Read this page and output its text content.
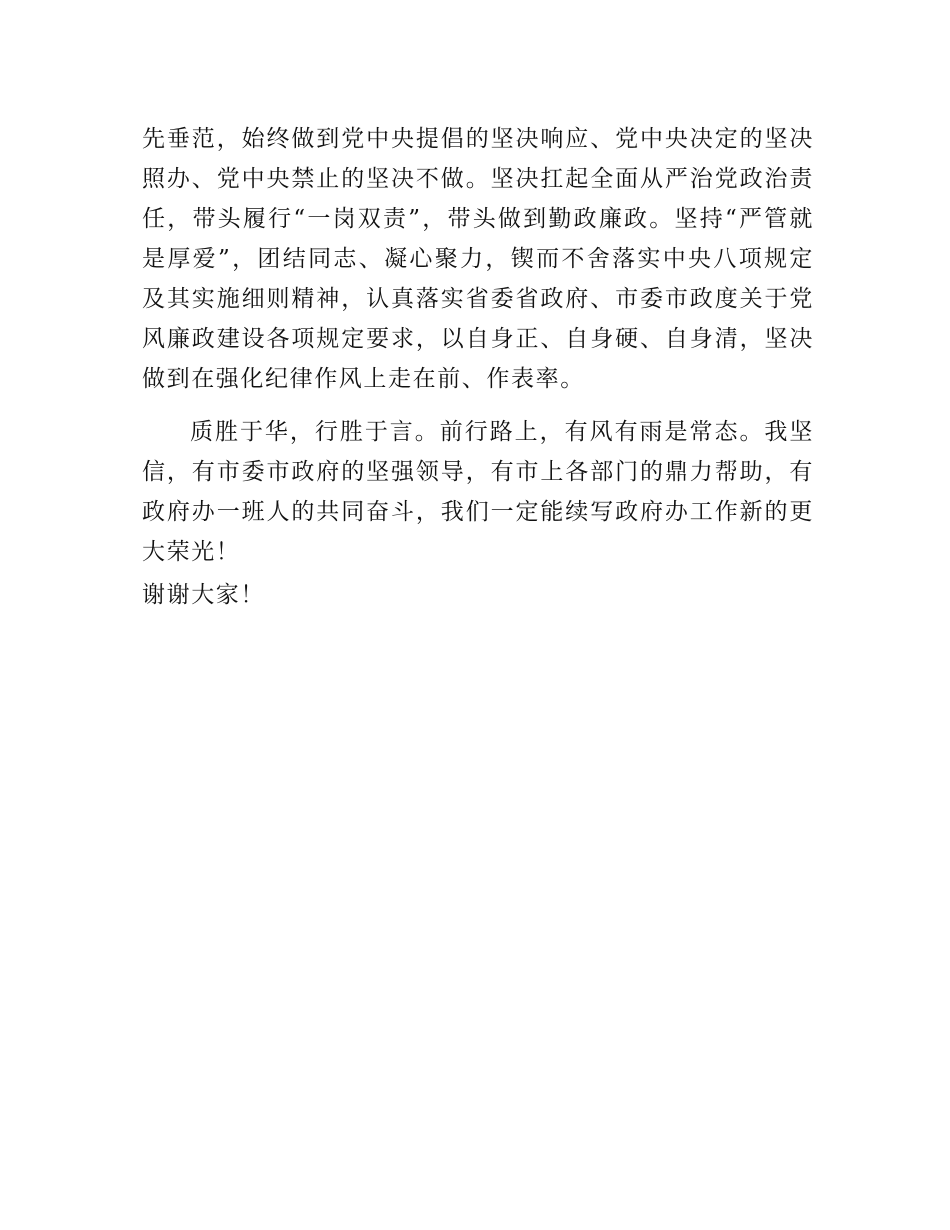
先垂范，始终做到党中央提倡的坚决响应、党中央决定的坚决照办、党中央禁止的坚决不做。坚决扛起全面从严治党政治责任，带头履行“一岗双责”，带头做到勤政廉政。坚持“严管就是厚爱”，团结同志、凝心聚力，锲而不舍落实中央八项规定及其实施细则精神，认真落实省委省政府、市委市政度关于党风廉政建设各项规定要求，以自身正、自身硬、自身清，坚决做到在强化纪律作风上走在前、作表率。

质胜于华，行胜于言。前行路上，有风有雨是常态。我坚信，有市委市政府的坚强领导，有市上各部门的鼎力帮助，有政府办一班人的共同奋斗，我们一定能续写政府办工作新的更大荣光！

谢谢大家！
